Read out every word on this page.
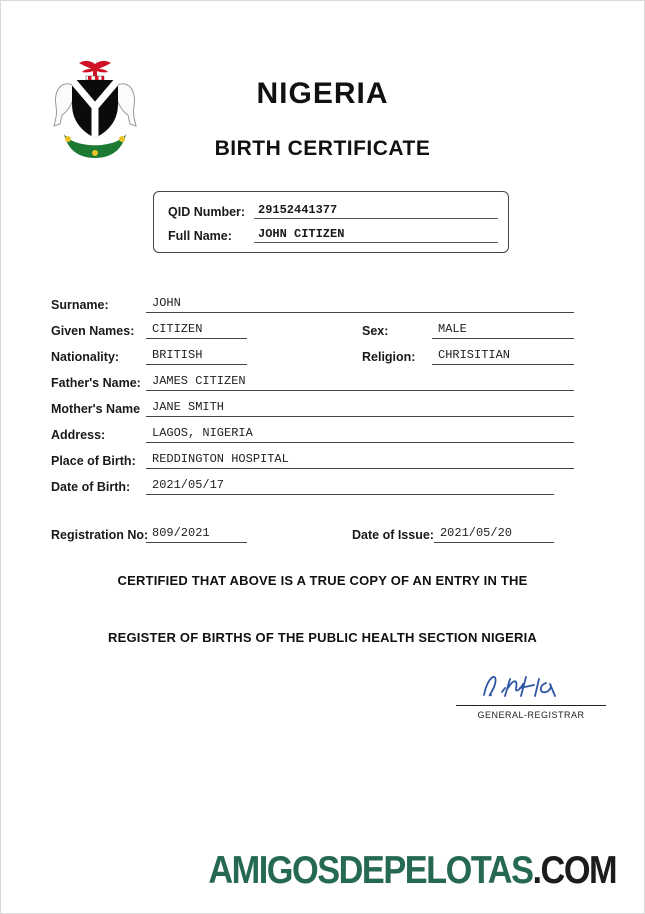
NIGERIA
BIRTH CERTIFICATE
QID Number:	29152441377
Full Name:	JOHN CITIZEN
Surname:	JOHN
Given Names:	CITIZEN	Sex:	MALE
Nationality:	BRITISH	Religion:	CHRISITIAN
Father's Name: JAMES CITIZEN
Mother's Name JANE SMITH
Address:	LAGOS, NIGERIA
Place of Birth:	REDDINGTON HOSPITAL
Date of Birth:	2021/05/17
Registration No: 809/2021	Date of Issue: 2021/05/20

CERTIFIED THAT ABOVE IS A TRUE COPY OF AN ENTRY IN THE

REGISTER OF BIRTHS OF THE PUBLIC HEALTH SECTION NIGERIA

GENERAL-REGISTRAR
AMIGOSDEPELOTAS.COM
